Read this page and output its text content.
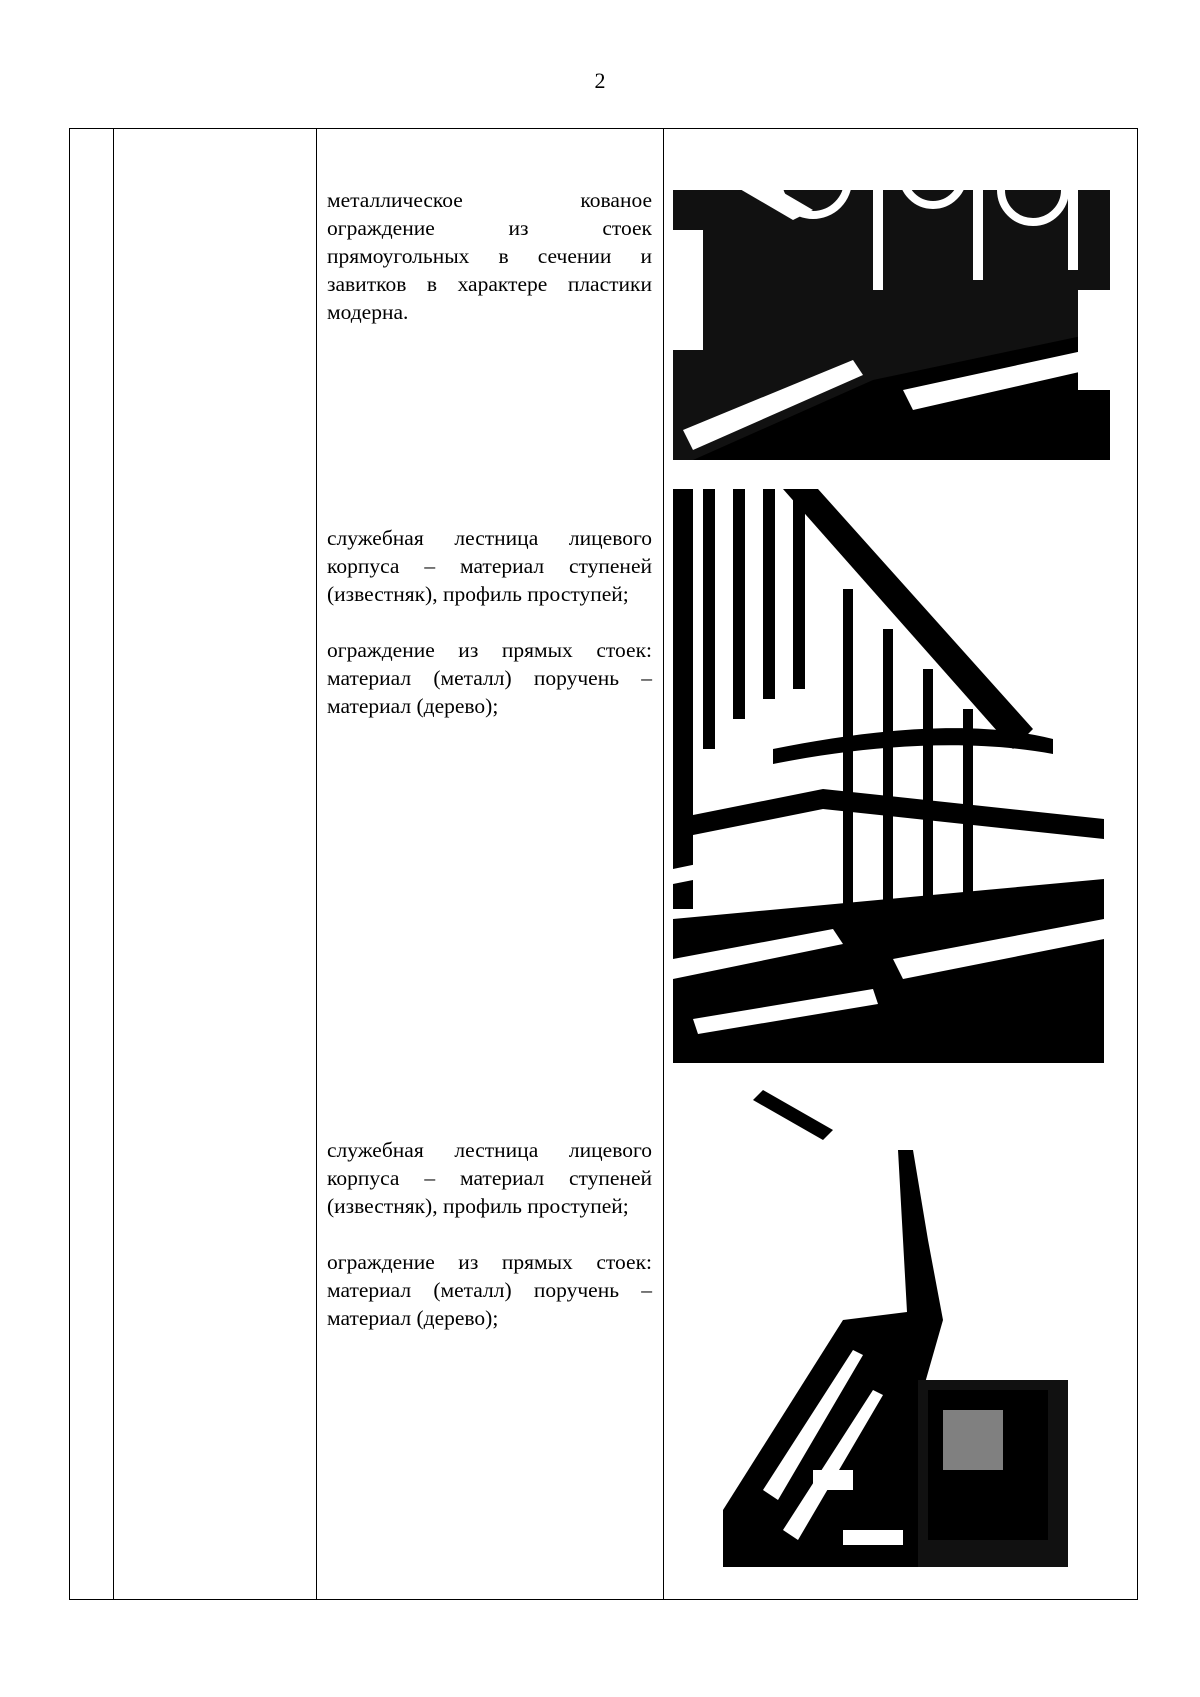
2

металлическое кованое ограждение из стоек прямоугольных в сечении и завитков в характере пластики модерна.

служебная лестница лицевого корпуса – материал ступеней (известняк), профиль проступей;

ограждение из прямых стоек: материал (металл) поручень – материал (дерево);

служебная лестница лицевого корпуса – материал ступеней (известняк), профиль проступей;

ограждение из прямых стоек: материал (металл) поручень – материал (дерево);
